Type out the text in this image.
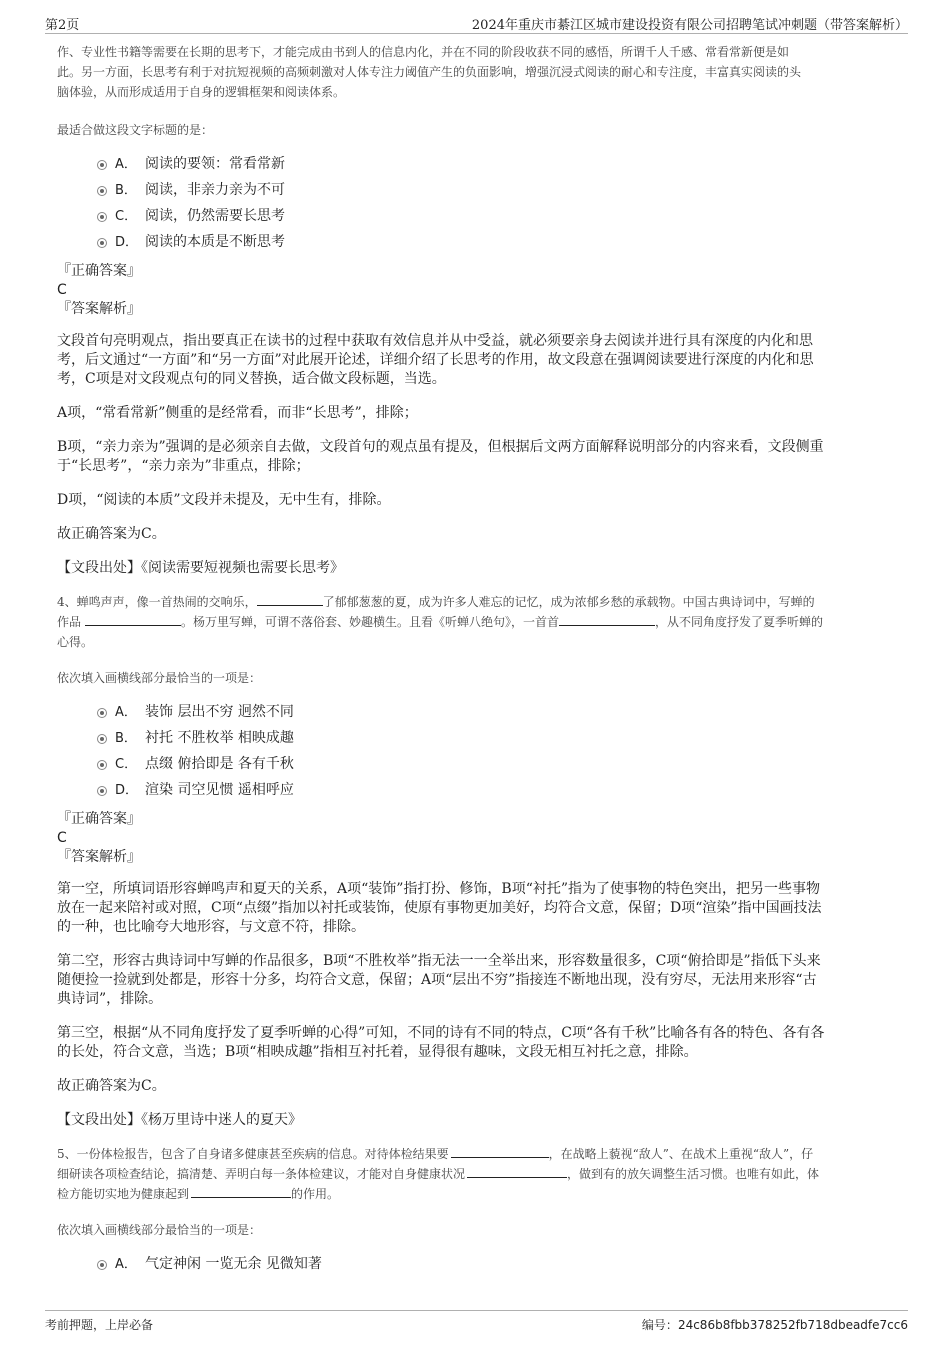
第2页	2024年重庆市綦江区城市建设投资有限公司招聘笔试冲刺题（带答案解析）

作、专业性书籍等需要在长期的思考下，才能完成由书到人的信息内化，并在不同的阶段收获不同的感悟，所谓千人千感、常看常新便是如

此。另一方面，长思考有利于对抗短视频的高频刺激对人体专注力阈值产生的负面影响，增强沉浸式阅读的耐心和专注度，丰富真实阅读的头

脑体验，从而形成适用于自身的逻辑框架和阅读体系。

最适合做这段文字标题的是：

A． 阅读的要领：常看常新
B． 阅读，非亲力亲为不可
C． 阅读，仍然需要长思考
D． 阅读的本质是不断思考

『正确答案』

C

『答案解析』

文段首句亮明观点，指出要真正在读书的过程中获取有效信息并从中受益，就必须要亲身去阅读并进行具有深度的内化和思

考，后文通过“一方面”和“另一方面”对此展开论述，详细介绍了长思考的作用，故文段意在强调阅读要进行深度的内化和思

考，C项是对文段观点句的同义替换，适合做文段标题，当选。

A项，“常看常新”侧重的是经常看，而非“长思考”，排除；

B项，“亲力亲为”强调的是必须亲自去做，文段首句的观点虽有提及，但根据后文两方面解释说明部分的内容来看，文段侧重

于“长思考”，“亲力亲为”非重点，排除；

D项，“阅读的本质”文段并未提及，无中生有，排除。

故正确答案为C。

【文段出处】《阅读需要短视频也需要长思考》

4、蝉鸣声声，像一首热闹的交响乐，	了郁郁葱葱的夏，成为许多人难忘的记忆，成为浓郁乡愁的承载物。中国古典诗词中，写蝉的
作品	。杨万里写蝉，可谓不落俗套、妙趣横生。且看《听蝉八绝句》，一首首	，从不同角度抒发了夏季听蝉的
心得。

依次填入画横线部分最恰当的一项是：

A． 装饰 层出不穷 迥然不同
B． 衬托 不胜枚举 相映成趣
C． 点缀 俯拾即是 各有千秋
D． 渲染 司空见惯 遥相呼应

『正确答案』

C

『答案解析』

第一空，所填词语形容蝉鸣声和夏天的关系，A项“装饰”指打扮、修饰，B项“衬托”指为了使事物的特色突出，把另一些事物

放在一起来陪衬或对照，C项“点缀”指加以衬托或装饰，使原有事物更加美好，均符合文意，保留；D项“渲染”指中国画技法

的一种，也比喻夸大地形容，与文意不符，排除。

第二空，形容古典诗词中写蝉的作品很多，B项“不胜枚举”指无法一一全举出来，形容数量很多，C项“俯拾即是”指低下头来

随便捡一捡就到处都是，形容十分多，均符合文意，保留；A项“层出不穷”指接连不断地出现，没有穷尽，无法用来形容“古

典诗词”，排除。

第三空，根据“从不同角度抒发了夏季听蝉的心得”可知，不同的诗有不同的特点，C项“各有千秋”比喻各有各的特色、各有各

的长处，符合文意，当选；B项“相映成趣”指相互衬托着，显得很有趣味，文段无相互衬托之意，排除。

故正确答案为C。

【文段出处】《杨万里诗中迷人的夏天》

5、一份体检报告，包含了自身诸多健康甚至疾病的信息。对待体检结果要	，在战略上藐视“敌人”、在战术上重视“敌人”，仔
细研读各项检查结论，搞清楚、弄明白每一条体检建议，才能对自身健康状况	，做到有的放矢调整生活习惯。也唯有如此，体
检方能切实地为健康起到	的作用。

依次填入画横线部分最恰当的一项是：

A． 气定神闲 一览无余 见微知著
考前押题，上岸必备	编号：24c86b8fbb378252fb718dbeadfe7cc6
